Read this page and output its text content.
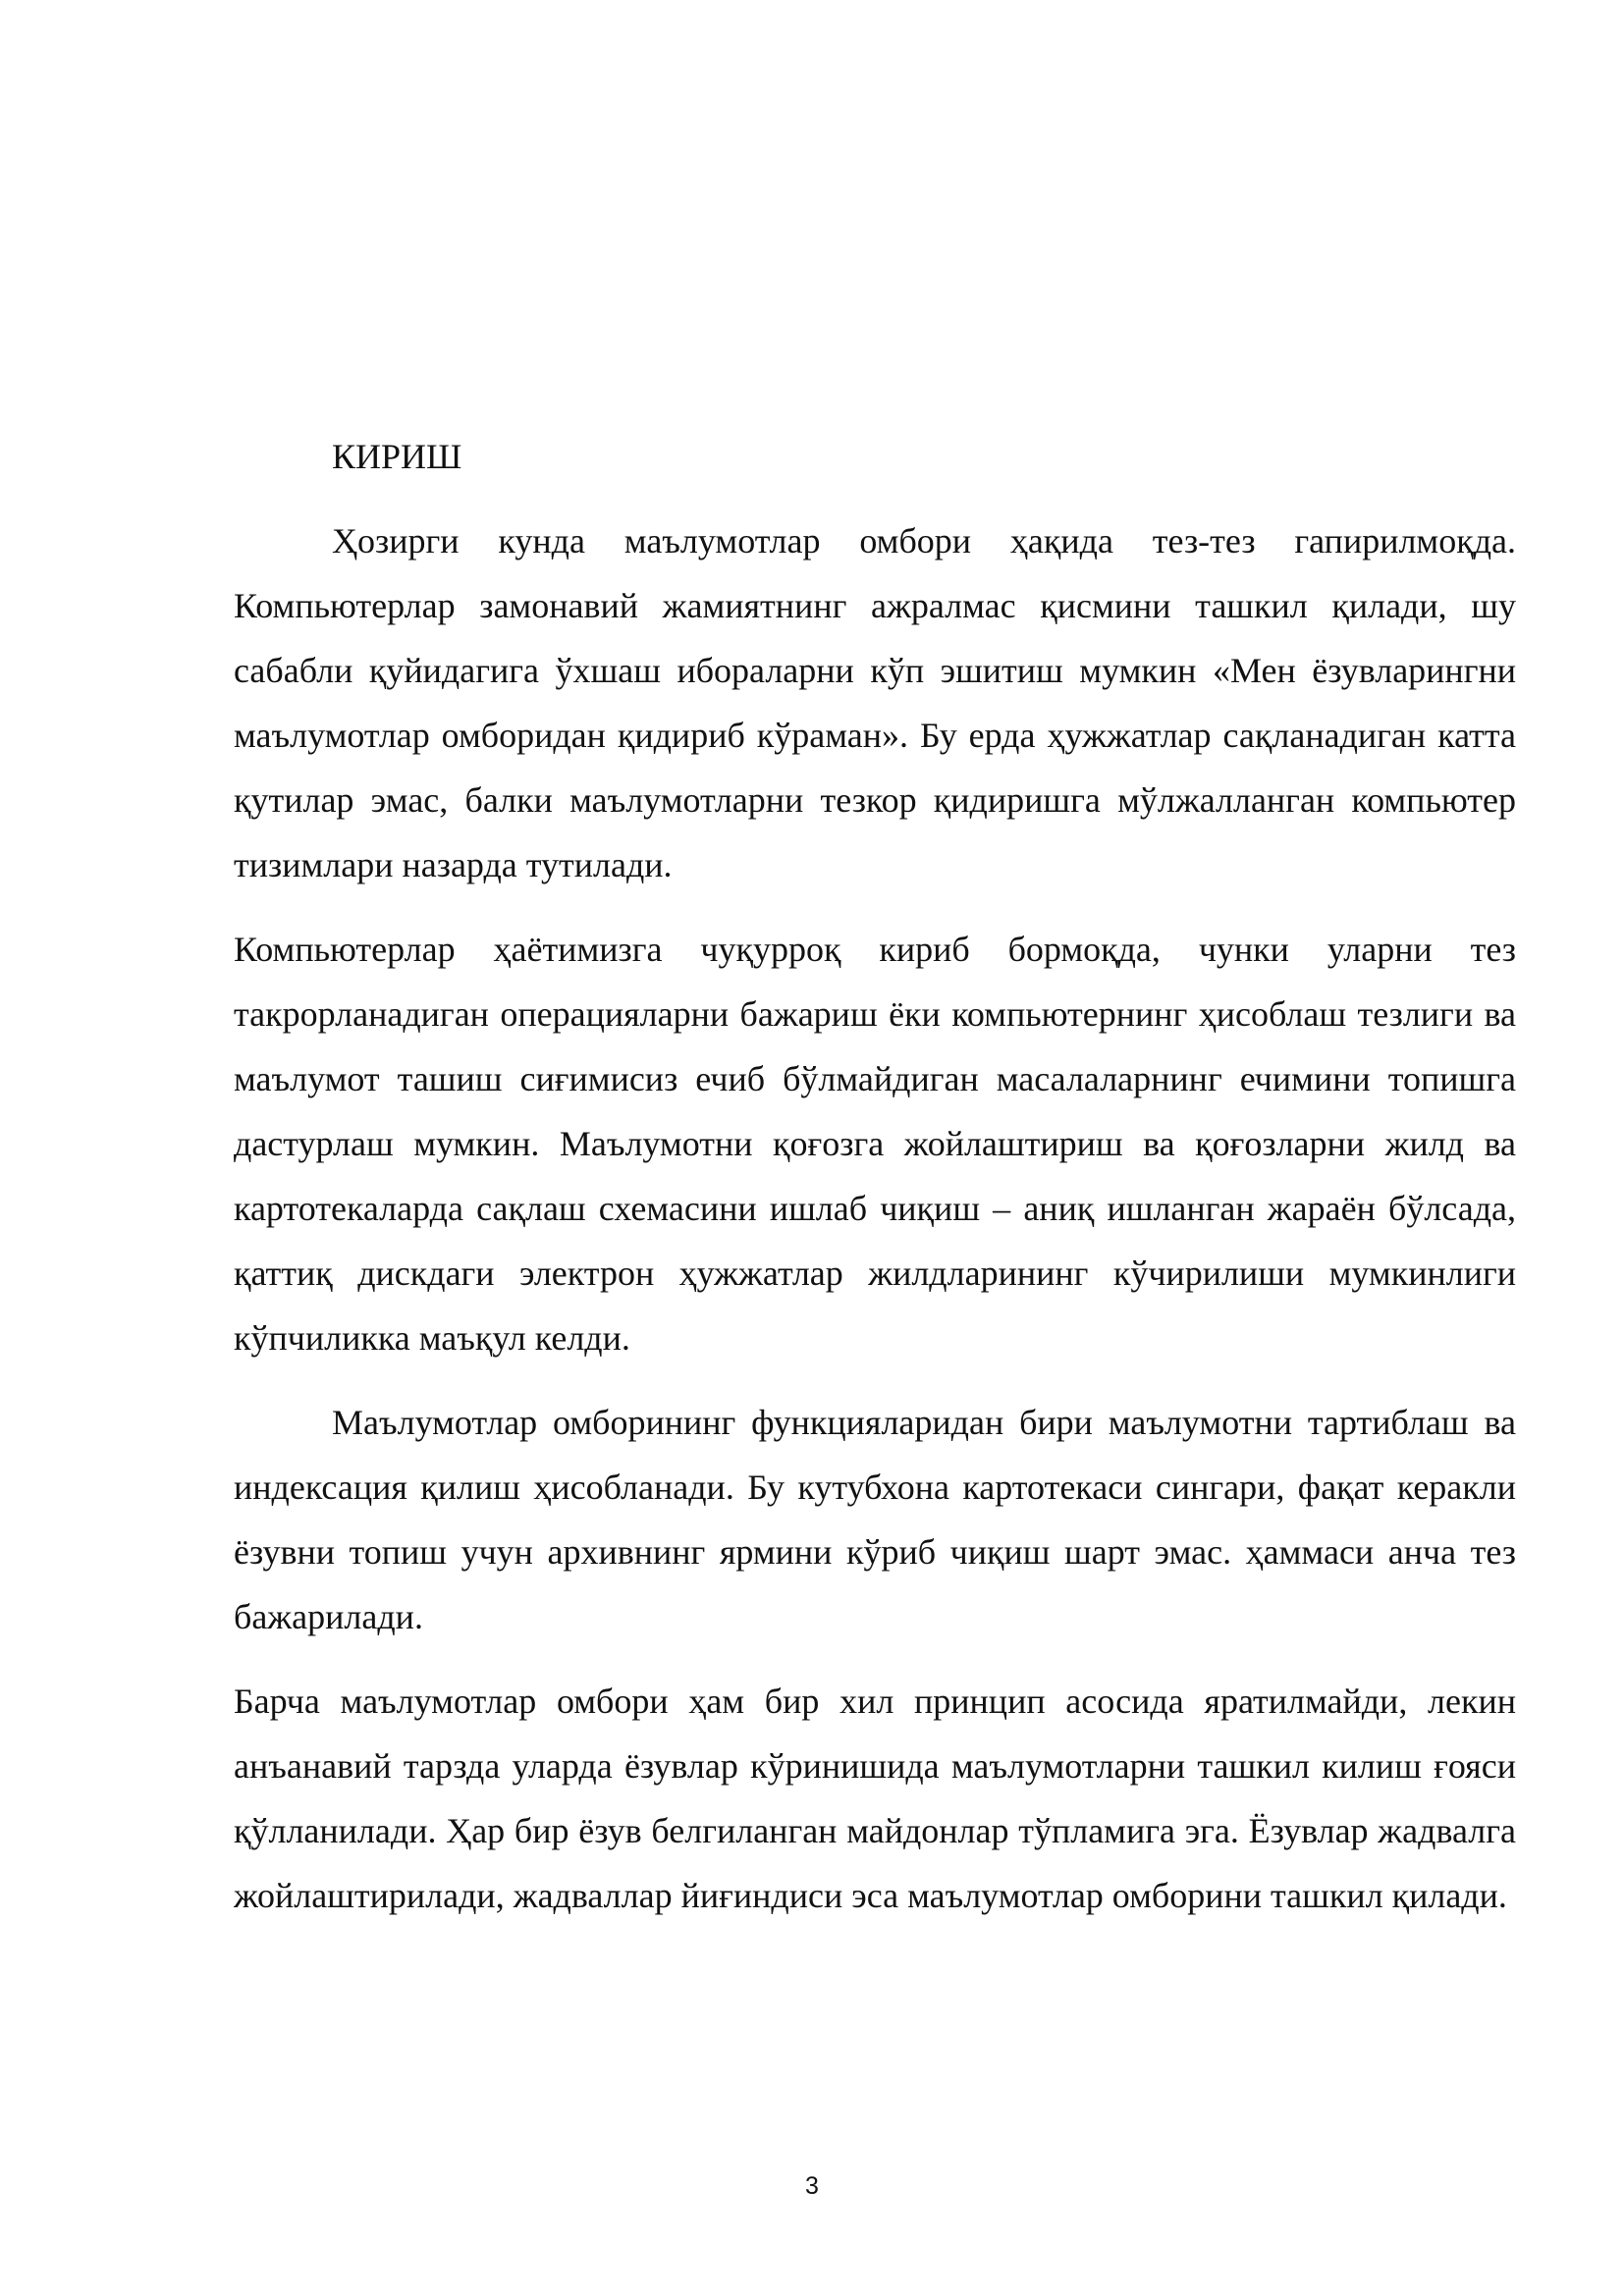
КИРИШ

Ҳозирги кунда маълумотлар омбори ҳақида тез-тез гапирилмоқда. Компьютерлар замонавий жамиятнинг ажралмас қисмини ташкил қилади, шу сабабли қуйидагига ўхшаш ибораларни кўп эшитиш мумкин «Мен ёзувларингни маълумотлар омборидан қидириб кўраман». Бу ерда ҳужжатлар сақланадиган катта қутилар эмас, балки маълумотларни тезкор қидиришга мўлжалланган компьютер тизимлари назарда тутилади.

Компьютерлар ҳаётимизга чуқурроқ кириб бормоқда, чунки уларни тез такрорланадиган операцияларни бажариш ёки компьютернинг ҳисоблаш тезлиги ва маълумот ташиш сиғимисиз ечиб бўлмайдиган масалаларнинг ечимини топишга дастурлаш мумкин. Маълумотни қоғозга жойлаштириш ва қоғозларни жилд ва картотекаларда сақлаш схемасини ишлаб чиқиш – аниқ ишланган жараён бўлсада, қаттиқ дискдаги электрон ҳужжатлар жилдларининг кўчирилиши мумкинлиги кўпчиликка маъқул келди.

Маълумотлар омборининг функцияларидан бири маълумотни тартиблаш ва индексация қилиш ҳисобланади. Бу кутубхона картотекаси сингари, фақат керакли ёзувни топиш учун архивнинг ярмини кўриб чиқиш шарт эмас. ҳаммаси анча тез бажарилади.

Барча маълумотлар омбори ҳам бир хил принцип асосида яратилмайди, лекин анъанавий тарзда уларда ёзувлар кўринишида маълумотларни ташкил килиш ғояси қўлланилади. Ҳар бир ёзув белгиланган майдонлар тўпламига эга. Ёзувлар жадвалга жойлаштирилади, жадваллар йиғиндиси эса маълумотлар омборини ташкил қилади.

3
